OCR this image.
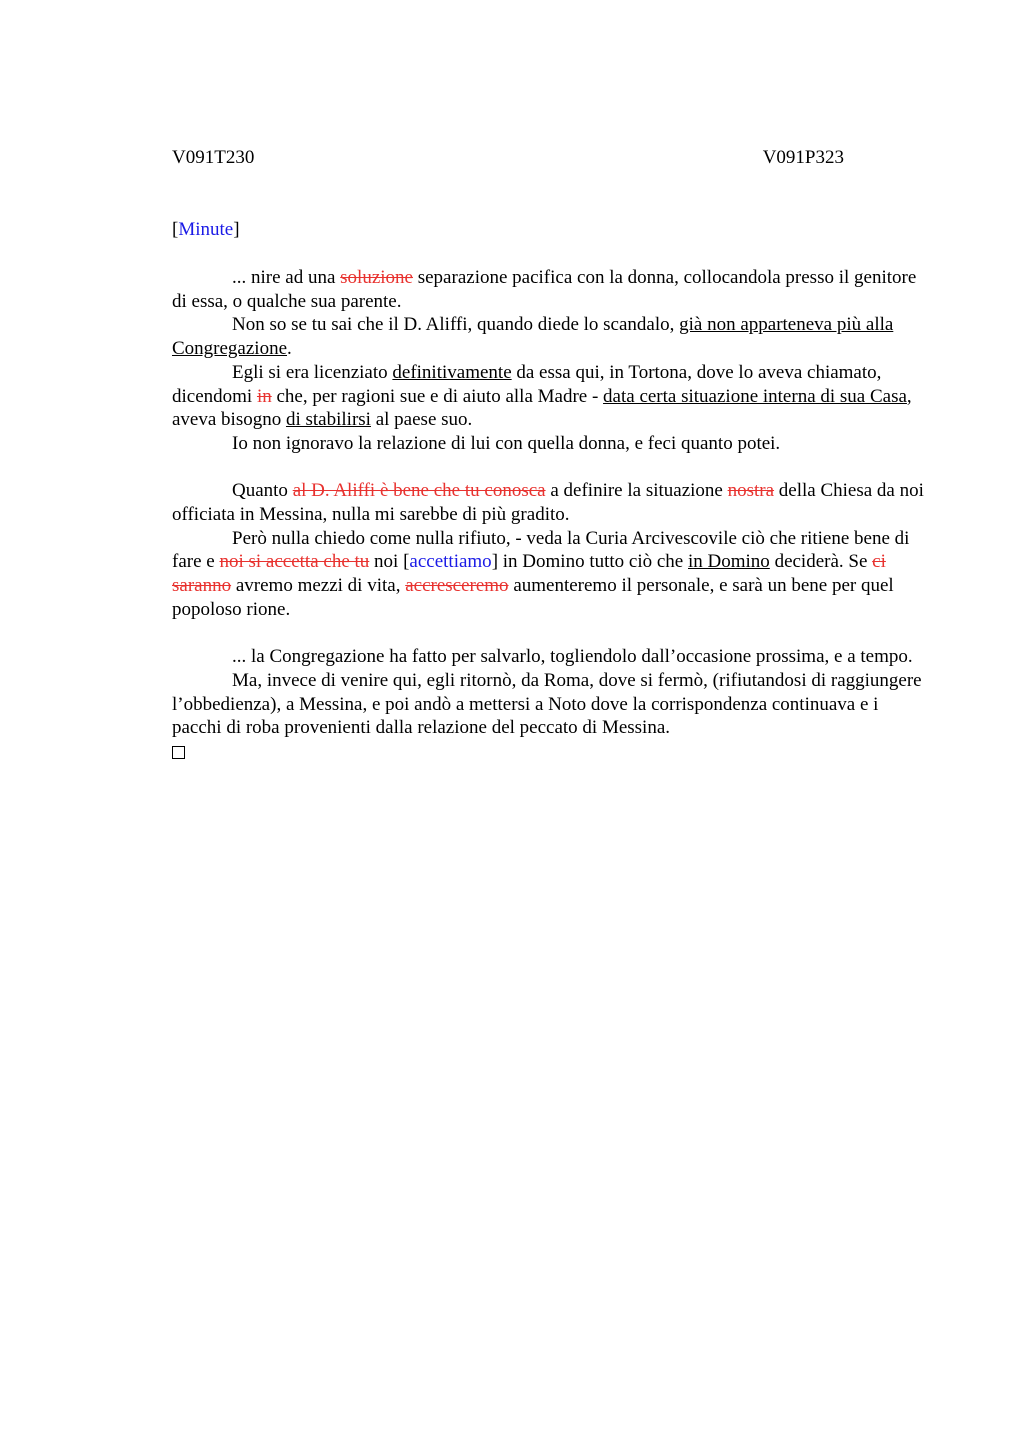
V091T230	V091P323
[Minute]

... nire ad una soluzione separazione pacifica con la donna, collocandola presso il genitore di essa, o qualche sua parente.

Non so se tu sai che il D. Aliffi, quando diede lo scandalo, già non apparteneva più alla Congregazione.

Egli si era licenziato definitivamente da essa qui, in Tortona, dove lo aveva chiamato, dicendomi in che, per ragioni sue e di aiuto alla Madre - data certa situazione interna di sua Casa, aveva bisogno di stabilirsi al paese suo.

Io non ignoravo la relazione di lui con quella donna, e feci quanto potei.

Quanto al D. Aliffi è bene che tu conosca a definire la situazione nostra della Chiesa da noi officiata in Messina, nulla mi sarebbe di più gradito.

Però nulla chiedo come nulla rifiuto, - veda la Curia Arcivescovile ciò che ritiene bene di fare e noi si accetta che tu noi [accettiamo] in Domino tutto ciò che in Domino deciderà. Se ci saranno avremo mezzi di vita, accresceremo aumenteremo il personale, e sarà un bene per quel popoloso rione.

... la Congregazione ha fatto per salvarlo, togliendolo dall’occasione prossima, e a tempo.

Ma, invece di venire qui, egli ritornò, da Roma, dove si fermò, (rifiutandosi di raggiungere l’obbedienza), a Messina, e poi andò a mettersi a Noto dove la corrispondenza continuava e i pacchi di roba provenienti dalla relazione del peccato di Messina.
